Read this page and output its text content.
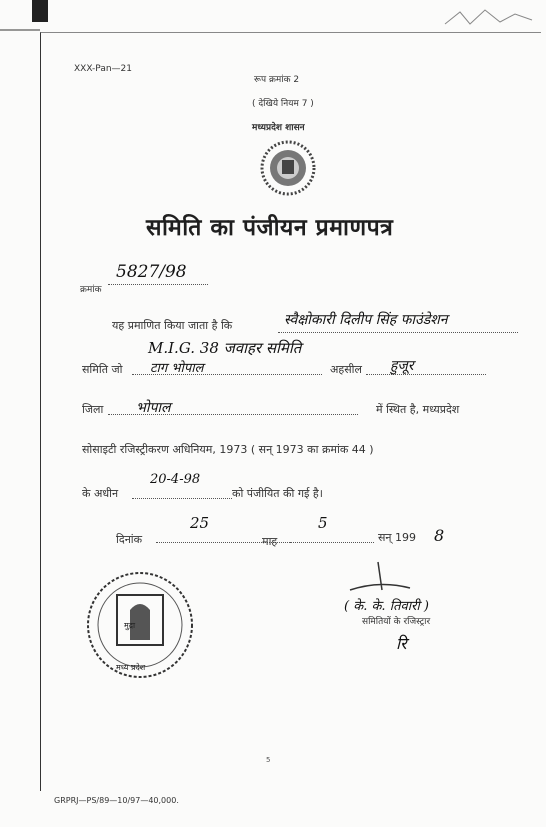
XXX-Pan—21
रूप क्रमांक 2
( देखिये नियम 7 )
मध्यप्रदेश शासन
समिति का पंजीयन प्रमाणपत्र
क्रमांक
5827/98
यह प्रमाणित किया जाता है कि	स्वैक्षोकारी दिलीप सिंह फाउंडेशन
M.I.G. 38 जवाहर समिति
समिति जो टाग भोपाल	अहसील हुजूर
जिला भोपाल	में स्थित है, मध्यप्रदेश
सोसाइटी रजिस्ट्रीकरण अधिनियम, 1973 ( सन् 1973 का क्रमांक 44 )
के अधीन
20-4-98
को पंजीयित की गई है।
दिनांक
25
माह
5
सन् 199 8
मुद्रा
मध्य प्रदेश
( के. के. तिवारी )
समितियों के रजिस्ट्रार
रि
5
GRPRJ—PS/89—10/97—40,000.
